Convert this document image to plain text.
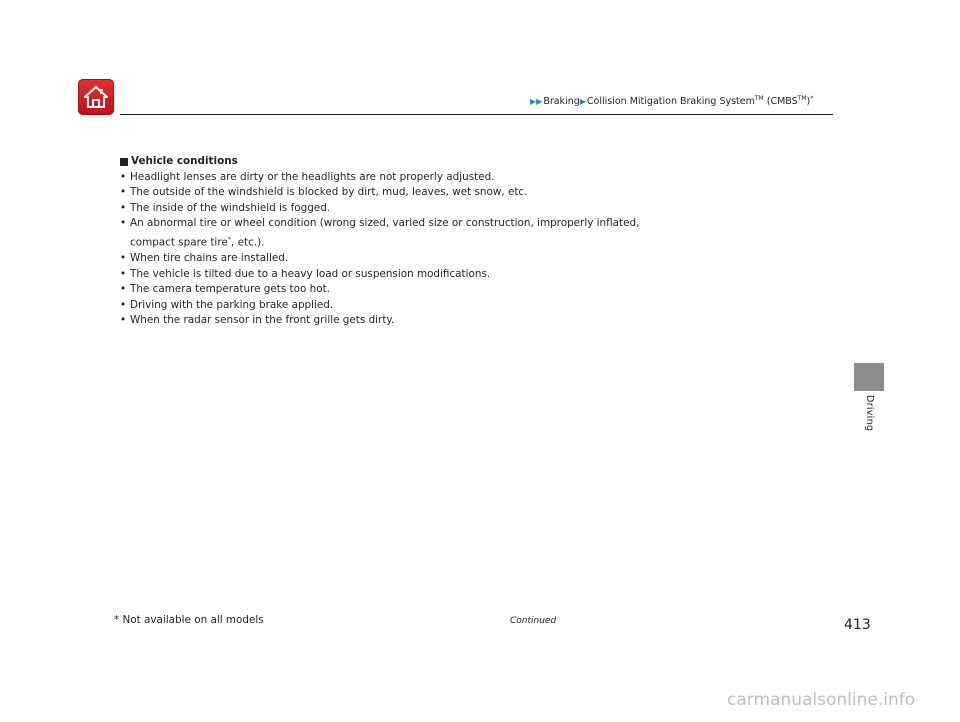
▶▶ Braking ▶ Collision Mitigation Braking System™ (CMBS™)*
Vehicle conditions
• Headlight lenses are dirty or the headlights are not properly adjusted.
• The outside of the windshield is blocked by dirt, mud, leaves, wet snow, etc.
• The inside of the windshield is fogged.
• An abnormal tire or wheel condition (wrong sized, varied size or construction, improperly inflated, compact spare tire*, etc.).
• When tire chains are installed.
• The vehicle is tilted due to a heavy load or suspension modifications.
• The camera temperature gets too hot.
• Driving with the parking brake applied.
• When the radar sensor in the front grille gets dirty.
Driving
* Not available on all models	Continued	413
carmanualsonline.info
